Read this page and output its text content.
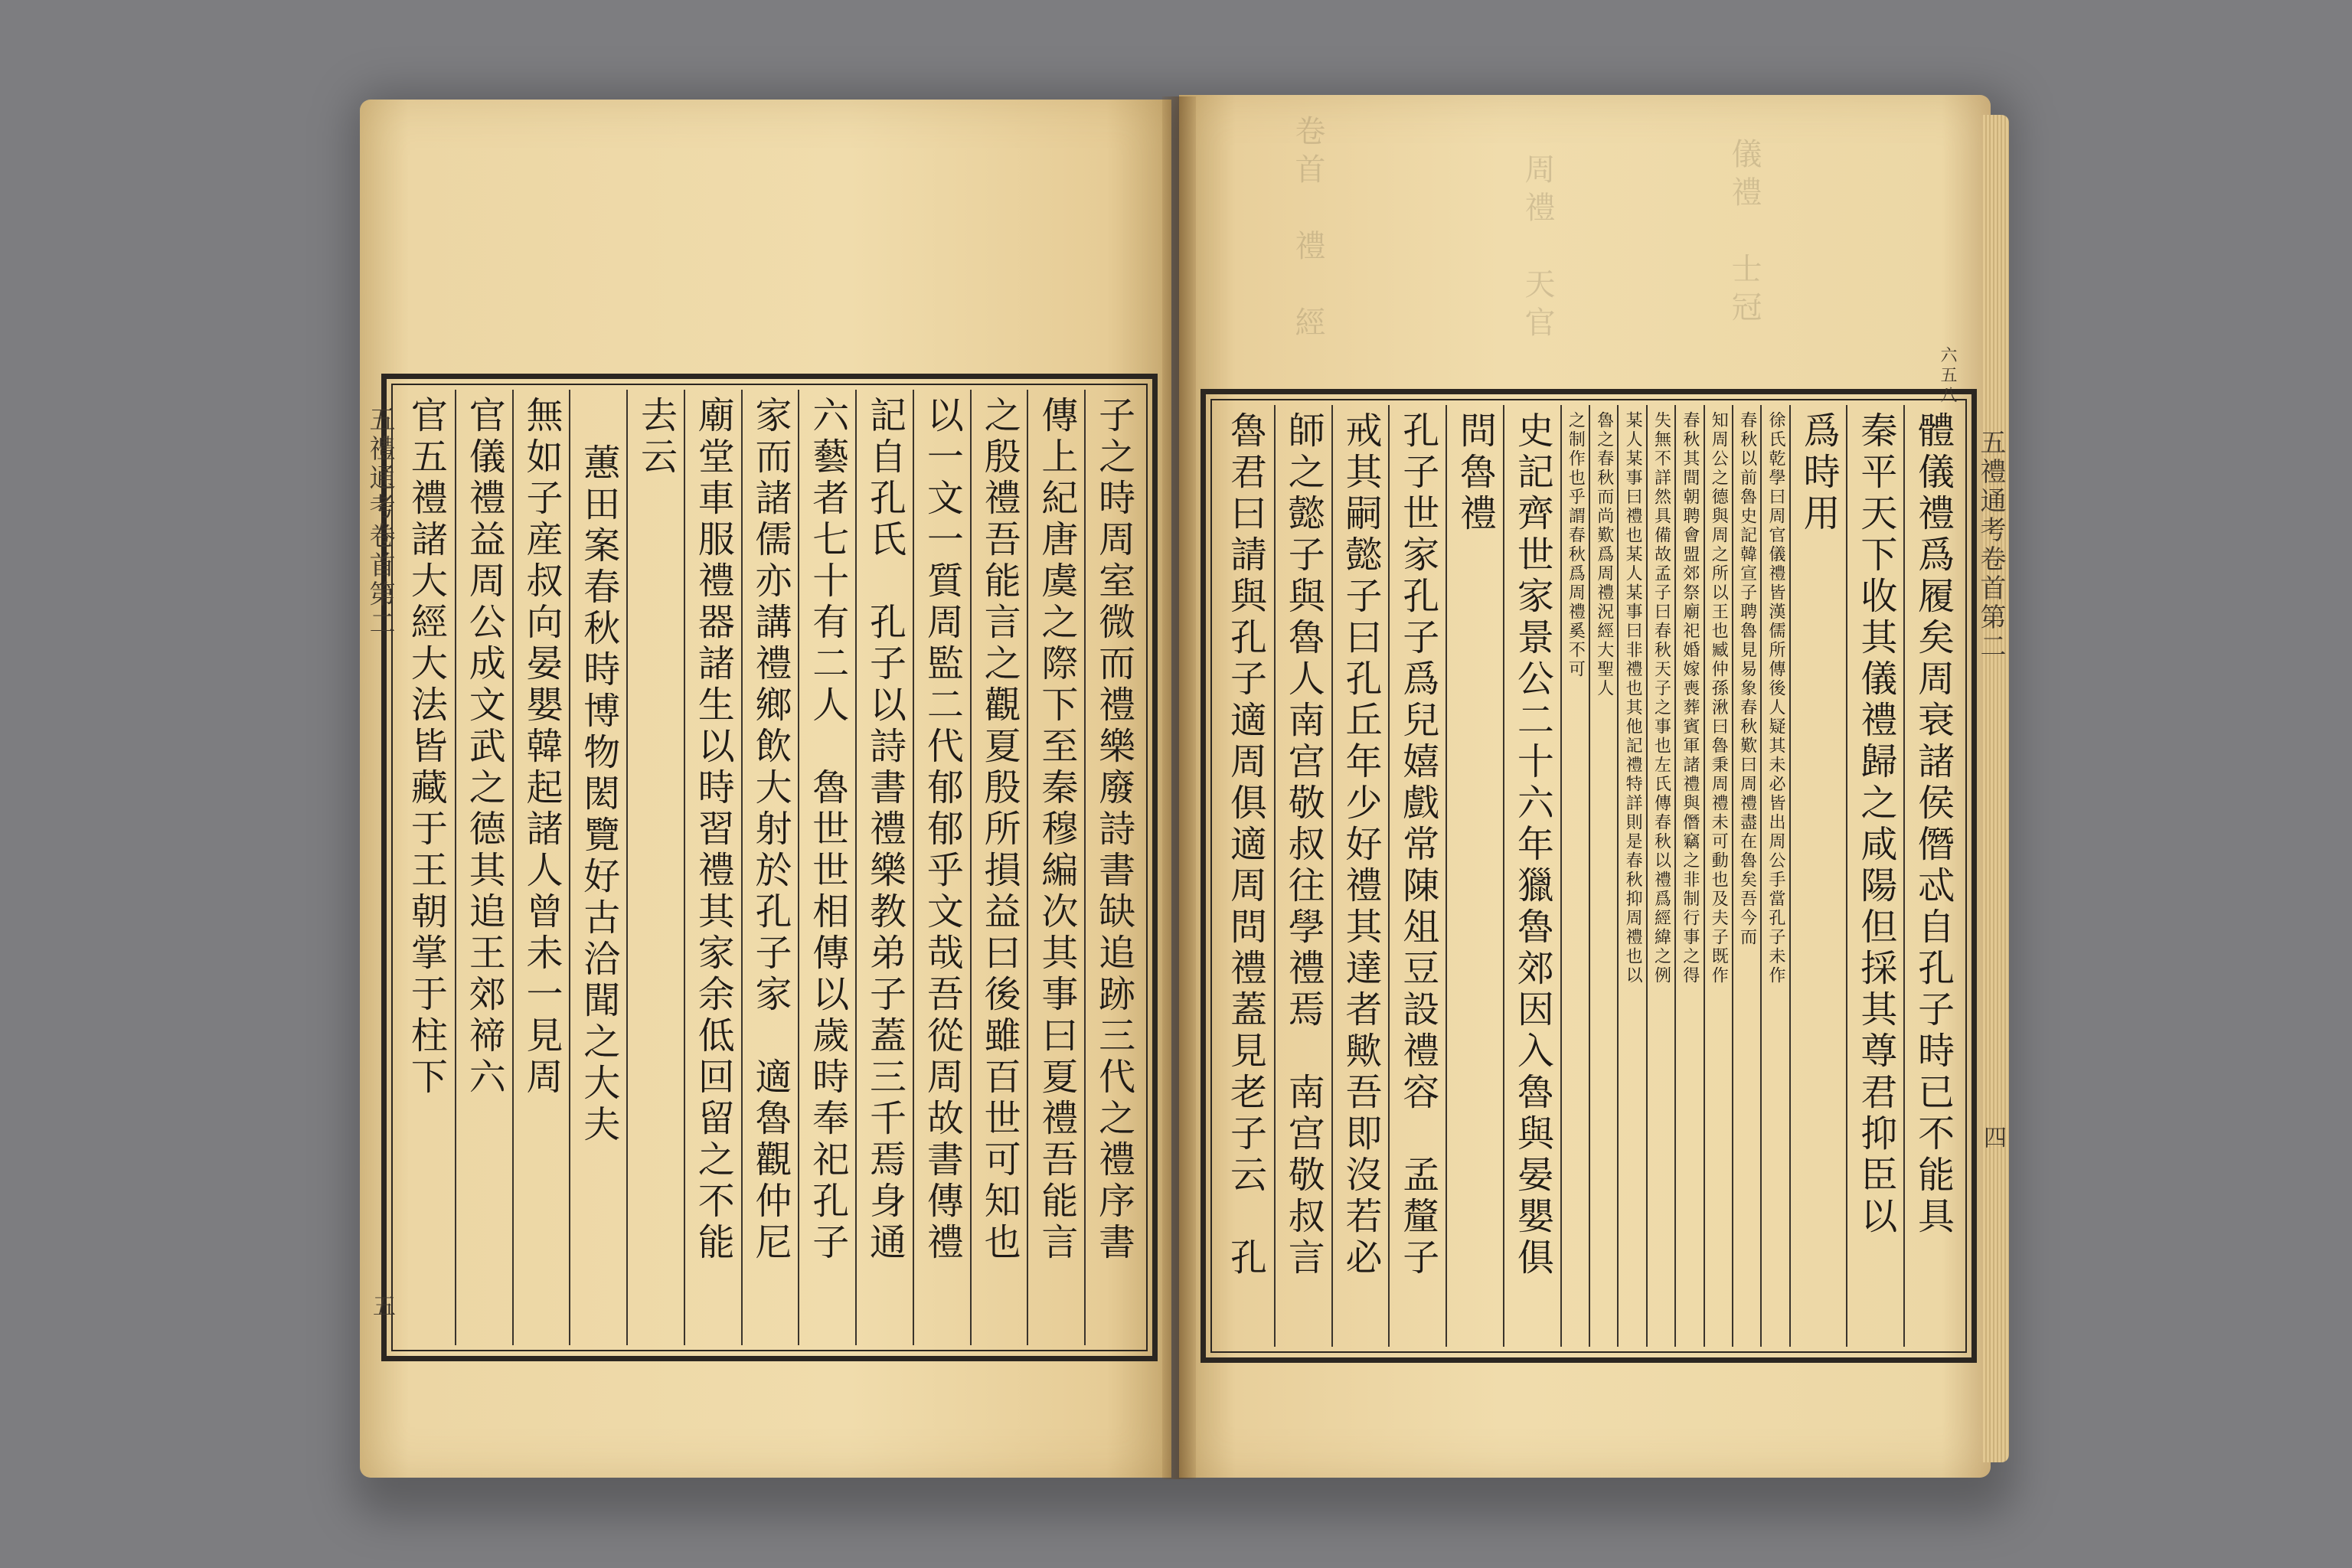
卷首　禮　經	周禮　天官	儀禮　士冠
子之時周室微而禮樂廢詩書缺追跡三代之禮序書
傳上紀唐虞之際下至秦穆編次其事曰夏禮吾能言
之殷禮吾能言之觀夏殷所損益曰後雖百世可知也
以一文一質周監二代郁郁乎文哉吾從周故書傳禮
記自孔氏　孔子以詩書禮樂教弟子蓋三千焉身通
六藝者七十有二人　魯世世相傳以歲時奉祀孔子
家而諸儒亦講禮鄉飲大射於孔子家　適魯觀仲尼
廟堂車服禮器諸生以時習禮其家余低回留之不能
去云
蕙田案春秋時博物閎覽好古洽聞之大夫
無如子産叔向晏嬰韓起諸人曾未一見周
官儀禮益周公成文武之德其追王郊禘六
官五禮諸大經大法皆藏于王朝掌于柱下
五禮通考卷首第二
五
體儀禮爲履矣周衰諸侯僭忒自孔子時已不能具
秦平天下收其儀禮歸之咸陽但採其尊君抑臣以
爲時用
徐氏乾學曰周官儀禮皆漢儒所傳後人疑其未必皆出周公手當孔子未作
春秋以前魯史記韓宣子聘魯見易象春秋歎曰周禮盡在魯矣吾今而
知周公之德與周之所以王也臧仲孫湫曰魯秉周禮未可動也及夫子既作
春秋其間朝聘會盟郊祭廟祀婚嫁喪葬賓軍諸禮與僭竊之非制行事之得
失無不詳然具備故孟子曰春秋天子之事也左氏傳春秋以禮爲經緯之例
某人某事曰禮也某人某事曰非禮也其他記禮特詳則是春秋抑周禮也以
魯之春秋而尚歎爲周禮況經大聖人
之制作也乎謂春秋爲周禮奚不可
史記齊世家景公二十六年獵魯郊因入魯與晏嬰俱
問魯禮
孔子世家孔子爲兒嬉戲常陳俎豆設禮容　孟釐子
戒其嗣懿子曰孔丘年少好禮其達者歟吾即沒若必
師之懿子與魯人南宫敬叔往學禮焉　南宫敬叔言
魯君曰請與孔子適周俱適周問禮蓋見老子云　孔	五禮通考卷首第二
六五八
四
